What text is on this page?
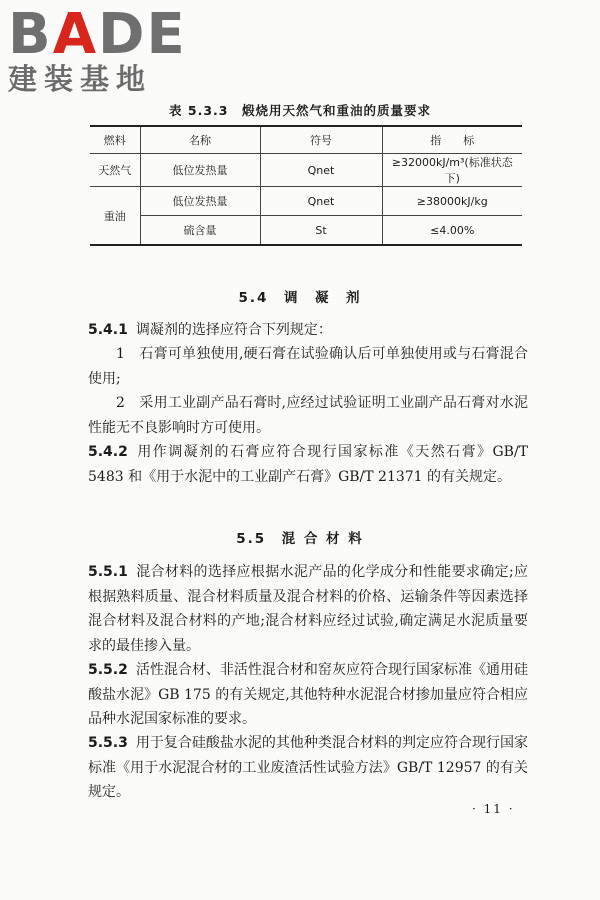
BADE
建装基地
表 5.3.3　煅烧用天然气和重油的质量要求
燃料	名称	符号	指　　标
天然气	低位发热量	Qnet	≥32000kJ/m³(标准状态下)
重油	低位发热量	Qnet	≥38000kJ/kg
	硫含量	St	≤4.00%
5.4　调　凝　剂
5.4.1 调凝剂的选择应符合下列规定：
1　石膏可单独使用,硬石膏在试验确认后可单独使用或与石膏混合使用;
2　采用工业副产品石膏时,应经过试验证明工业副产品石膏对水泥性能无不良影响时方可使用。
5.4.2 用作调凝剂的石膏应符合现行国家标准《天然石膏》GB/T 5483 和《用于水泥中的工业副产石膏》GB/T 21371 的有关规定。
5.5　混 合 材 料
5.5.1 混合材料的选择应根据水泥产品的化学成分和性能要求确定;应根据熟料质量、混合材料质量及混合材料的价格、运输条件等因素选择混合材料及混合材料的产地;混合材料应经过试验,确定满足水泥质量要求的最佳掺入量。
5.5.2 活性混合材、非活性混合材和窑灰应符合现行国家标准《通用硅酸盐水泥》GB 175 的有关规定,其他特种水泥混合材掺加量应符合相应品种水泥国家标准的要求。
5.5.3 用于复合硅酸盐水泥的其他种类混合材料的判定应符合现行国家标准《用于水泥混合材的工业废渣活性试验方法》GB/T 12957 的有关规定。
· 11 ·
